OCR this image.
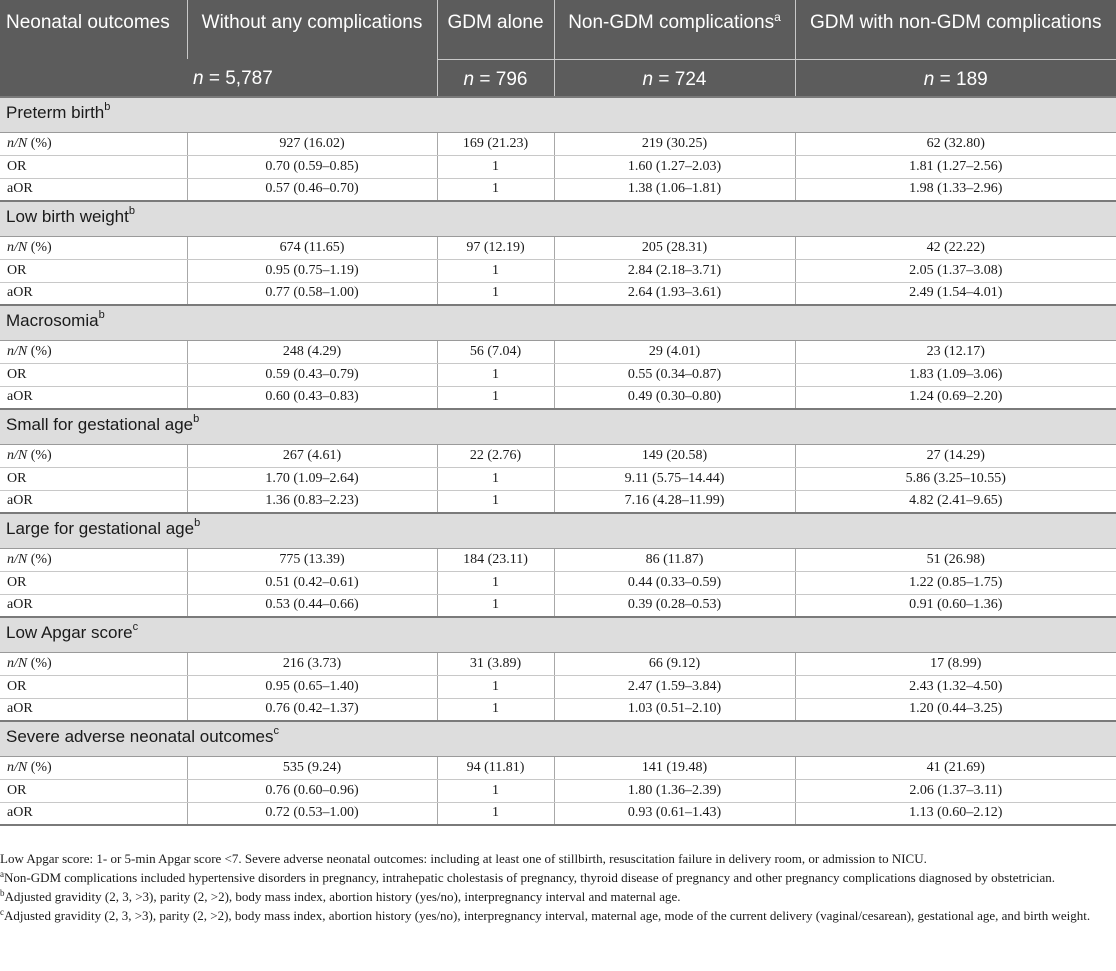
Neonatal outcomes	Without any complications	GDM alone	Non-GDM complications$^a$	GDM with non-GDM complications
	n = 5,787	n = 796	n = 724	n = 189
Preterm birth$^b$
n/N (%)	927 (16.02)	169 (21.23)	219 (30.25)	62 (32.80)
OR	0.70 (0.59–0.85)	1	1.60 (1.27–2.03)	1.81 (1.27–2.56)
aOR	0.57 (0.46–0.70)	1	1.38 (1.06–1.81)	1.98 (1.33–2.96)
Low birth weight$^b$
n/N (%)	674 (11.65)	97 (12.19)	205 (28.31)	42 (22.22)
OR	0.95 (0.75–1.19)	1	2.84 (2.18–3.71)	2.05 (1.37–3.08)
aOR	0.77 (0.58–1.00)	1	2.64 (1.93–3.61)	2.49 (1.54–4.01)
Macrosomia$^b$
n/N (%)	248 (4.29)	56 (7.04)	29 (4.01)	23 (12.17)
OR	0.59 (0.43–0.79)	1	0.55 (0.34–0.87)	1.83 (1.09–3.06)
aOR	0.60 (0.43–0.83)	1	0.49 (0.30–0.80)	1.24 (0.69–2.20)
Small for gestational age$^b$
n/N (%)	267 (4.61)	22 (2.76)	149 (20.58)	27 (14.29)
OR	1.70 (1.09–2.64)	1	9.11 (5.75–14.44)	5.86 (3.25–10.55)
aOR	1.36 (0.83–2.23)	1	7.16 (4.28–11.99)	4.82 (2.41–9.65)
Large for gestational age$^b$
n/N (%)	775 (13.39)	184 (23.11)	86 (11.87)	51 (26.98)
OR	0.51 (0.42–0.61)	1	0.44 (0.33–0.59)	1.22 (0.85–1.75)
aOR	0.53 (0.44–0.66)	1	0.39 (0.28–0.53)	0.91 (0.60–1.36)
Low Apgar score$^c$
n/N (%)	216 (3.73)	31 (3.89)	66 (9.12)	17 (8.99)
OR	0.95 (0.65–1.40)	1	2.47 (1.59–3.84)	2.43 (1.32–4.50)
aOR	0.76 (0.42–1.37)	1	1.03 (0.51–2.10)	1.20 (0.44–3.25)
Severe adverse neonatal outcomes$^c$
n/N (%)	535 (9.24)	94 (11.81)	141 (19.48)	41 (21.69)
OR	0.76 (0.60–0.96)	1	1.80 (1.36–2.39)	2.06 (1.37–3.11)
aOR	0.72 (0.53–1.00)	1	0.93 (0.61–1.43)	1.13 (0.60–2.12)

Low Apgar score: 1- or 5-min Apgar score <7. Severe adverse neonatal outcomes: including at least one of stillbirth, resuscitation failure in delivery room, or admission to NICU.

$^a$Non-GDM complications included hypertensive disorders in pregnancy, intrahepatic cholestasis of pregnancy, thyroid disease of pregnancy and other pregnancy complications diagnosed by obstetrician.

$^b$Adjusted gravidity (2, 3, >3), parity (2, >2), body mass index, abortion history (yes/no), interpregnancy interval and maternal age.

$^c$Adjusted gravidity (2, 3, >3), parity (2, >2), body mass index, abortion history (yes/no), interpregnancy interval, maternal age, mode of the current delivery (vaginal/cesarean), gestational age, and birth weight.
